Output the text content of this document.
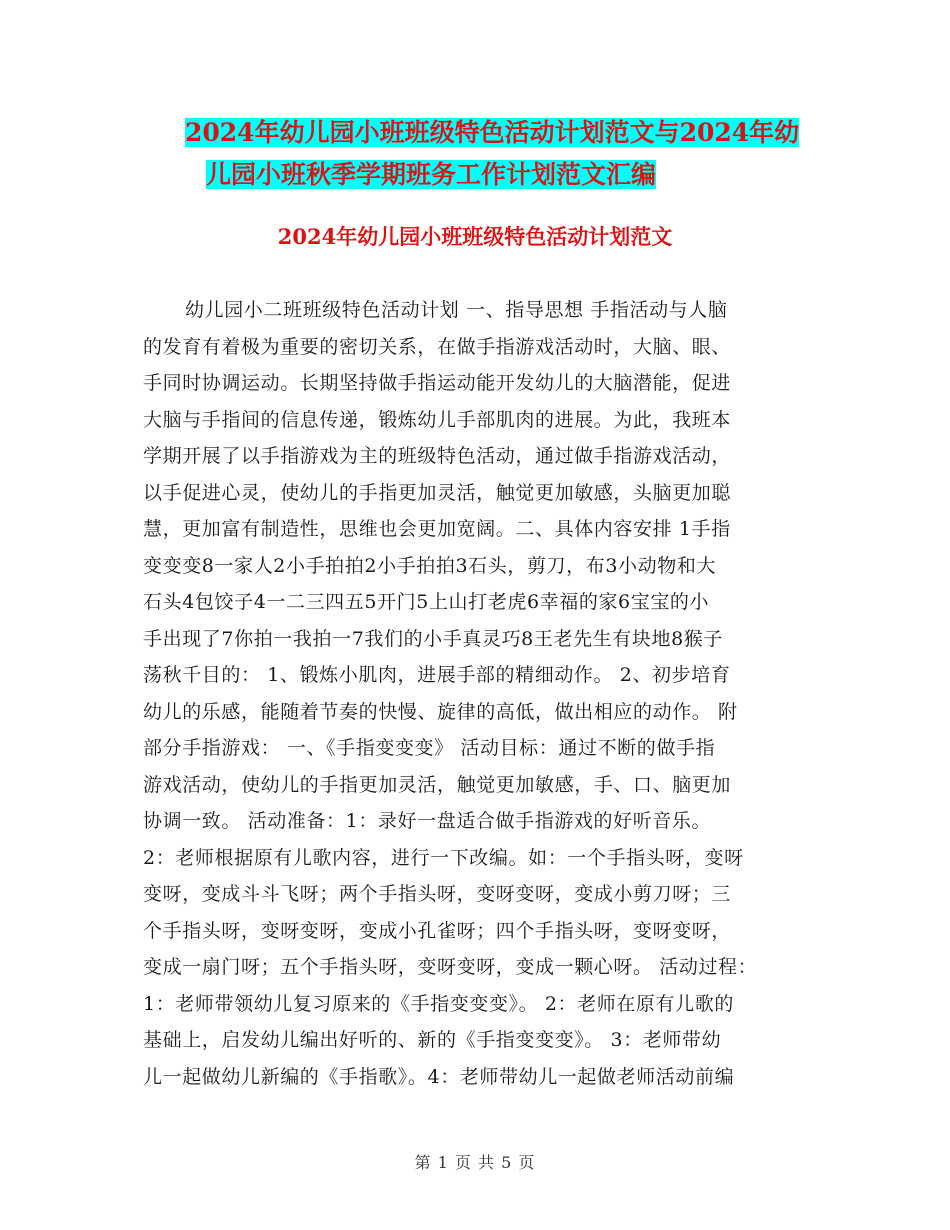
2024年幼儿园小班班级特色活动计划范文与2024年幼
儿园小班秋季学期班务工作计划范文汇编
2024年幼儿园小班班级特色活动计划范文
幼儿园小二班班级特色活动计划 一、指导思想 手指活动与人脑
的发育有着极为重要的密切关系，在做手指游戏活动时，大脑、眼、
手同时协调运动。长期坚持做手指运动能开发幼儿的大脑潜能，促进
大脑与手指间的信息传递，锻炼幼儿手部肌肉的进展。为此，我班本
学期开展了以手指游戏为主的班级特色活动，通过做手指游戏活动，
以手促进心灵，使幼儿的手指更加灵活，触觉更加敏感，头脑更加聪
慧，更加富有制造性，思维也会更加宽阔。二、具体内容安排 1手指
变变变8一家人2小手拍拍2小手拍拍3石头，剪刀，布3小动物和大
石头4包饺子4一二三四五5开门5上山打老虎6幸福的家6宝宝的小
手出现了7你拍一我拍一7我们的小手真灵巧8王老先生有块地8猴子
荡秋千目的： 1、锻炼小肌肉，进展手部的精细动作。 2、初步培育
幼儿的乐感，能随着节奏的快慢、旋律的高低，做出相应的动作。 附
部分手指游戏： 一、《手指变变变》 活动目标：通过不断的做手指
游戏活动，使幼儿的手指更加灵活，触觉更加敏感，手、口、脑更加
协调一致。 活动准备：1：录好一盘适合做手指游戏的好听音乐。
2：老师根据原有儿歌内容，进行一下改编。如：一个手指头呀，变呀
变呀，变成斗斗飞呀；两个手指头呀，变呀变呀，变成小剪刀呀；三
个手指头呀，变呀变呀，变成小孔雀呀；四个手指头呀，变呀变呀，
变成一扇门呀；五个手指头呀，变呀变呀，变成一颗心呀。 活动过程：
1：老师带领幼儿复习原来的《手指变变变》。 2：老师在原有儿歌的
基础上，启发幼儿编出好听的、新的《手指变变变》。 3：老师带幼
儿一起做幼儿新编的《手指歌》。4：老师带幼儿一起做老师活动前编
第 1 页 共 5 页
